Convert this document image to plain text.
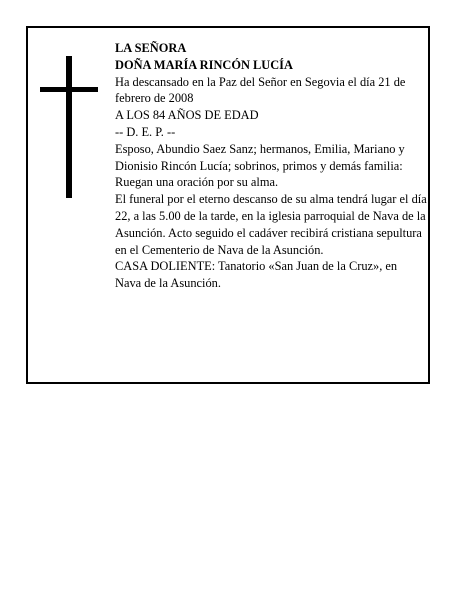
LA SEÑORA

DOÑA MARÍA RINCÓN LUCÍA

Ha descansado en la Paz del Señor en Segovia el día 21 de febrero de 2008

A LOS 84 AÑOS DE EDAD

-- D. E. P. --

Esposo, Abundio Saez Sanz; hermanos, Emilia, Mariano y Dionisio Rincón Lucía; sobrinos, primos y demás familia:

Ruegan una oración por su alma.

El funeral por el eterno descanso de su alma tendrá lugar el día 22, a las 5.00 de la tarde, en la iglesia parroquial de Nava de la Asunción. Acto seguido el cadáver recibirá cristiana sepultura en el Cementerio de Nava de la Asunción.

CASA DOLIENTE: Tanatorio «San Juan de la Cruz», en

Nava de la Asunción.
